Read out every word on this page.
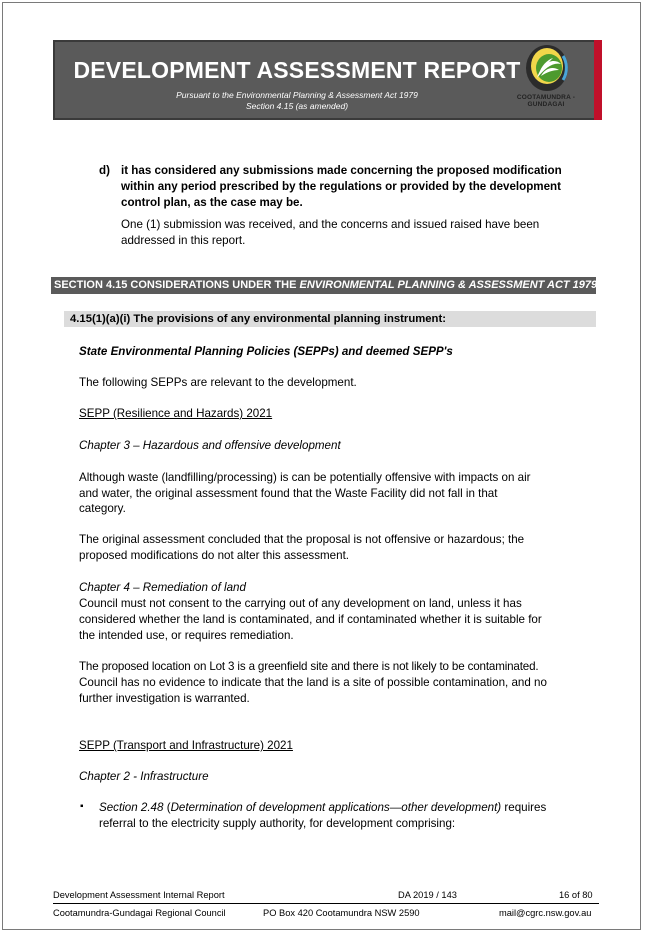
DEVELOPMENT ASSESSMENT REPORT
Pursuant to the Environmental Planning & Assessment Act 1979
Section 4.15 (as amended)
COOTAMUNDRA -
GUNDAGAI
d) it has considered any submissions made concerning the proposed modification
within any period prescribed by the regulations or provided by the development
control plan, as the case may be.
One (1) submission was received, and the concerns and issued raised have been
addressed in this report.
SECTION 4.15 CONSIDERATIONS UNDER THE ENVIRONMENTAL PLANNING & ASSESSMENT ACT 1979:
4.15(1)(a)(i) The provisions of any environmental planning instrument:
State Environmental Planning Policies (SEPPs) and deemed SEPP's
The following SEPPs are relevant to the development.
SEPP (Resilience and Hazards) 2021
Chapter 3 – Hazardous and offensive development
Although waste (landfilling/processing) is can be potentially offensive with impacts on air
and water, the original assessment found that the Waste Facility did not fall in that
category.
The original assessment concluded that the proposal is not offensive or hazardous; the
proposed modifications do not alter this assessment.
Chapter 4 – Remediation of land
Council must not consent to the carrying out of any development on land, unless it has
considered whether the land is contaminated, and if contaminated whether it is suitable for
the intended use, or requires remediation.
The proposed location on Lot 3 is a greenfield site and there is not likely to be contaminated.
Council has no evidence to indicate that the land is a site of possible contamination, and no
further investigation is warranted.
SEPP (Transport and Infrastructure) 2021
Chapter 2 - Infrastructure
▪ Section 2.48 (Determination of development applications—other development) requires
referral to the electricity supply authority, for development comprising:
Development Assessment Internal Report	DA 2019 / 143	16 of 80
Cootamundra-Gundagai Regional Council	PO Box 420 Cootamundra NSW 2590	mail@cgrc.nsw.gov.au
